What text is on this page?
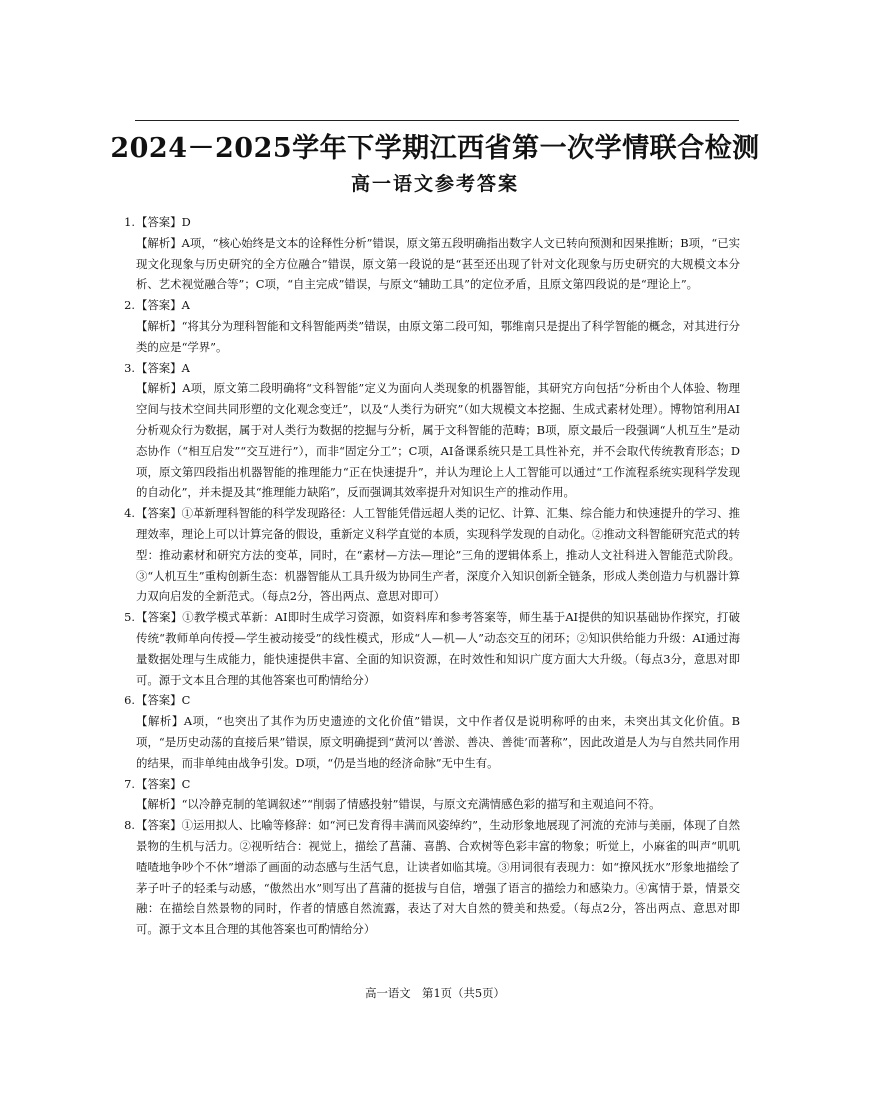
2024－2025学年下学期江西省第一次学情联合检测
高一语文参考答案
1. 【答案】D

【解析】A项，“核心始终是文本的诠释性分析”错误，原文第五段明确指出数字人文已转向预测和因果推断；B项，“已实现文化现象与历史研究的全方位融合”错误，原文第一段说的是“甚至还出现了针对文化现象与历史研究的大规模文本分析、艺术视觉融合等”；C项，“自主完成”错误，与原文“辅助工具”的定位矛盾，且原文第四段说的是“理论上”。

2. 【答案】A

【解析】“将其分为理科智能和文科智能两类”错误，由原文第二段可知，鄂维南只是提出了科学智能的概念，对其进行分类的应是“学界”。

3. 【答案】A

【解析】A项，原文第二段明确将“文科智能”定义为面向人类现象的机器智能，其研究方向包括“分析由个人体验、物理空间与技术空间共同形塑的文化观念变迁”，以及“人类行为研究”（如大规模文本挖掘、生成式素材处理）。博物馆利用AI分析观众行为数据，属于对人类行为数据的挖掘与分析，属于文科智能的范畴；B项，原文最后一段强调“人机互生”是动态协作（“相互启发”“交互进行”），而非“固定分工”；C项，AI备课系统只是工具性补充，并不会取代传统教育形态；D项，原文第四段指出机器智能的推理能力“正在快速提升”，并认为理论上人工智能可以通过“工作流程系统实现科学发现的自动化”，并未提及其“推理能力缺陷”，反而强调其效率提升对知识生产的推动作用。

4. 【答案】①革新理科智能的科学发现路径：人工智能凭借远超人类的记忆、计算、汇集、综合能力和快速提升的学习、推理效率，理论上可以计算完备的假设，重新定义科学直觉的本质，实现科学发现的自动化。②推动文科智能研究范式的转型：推动素材和研究方法的变革，同时，在“素材—方法—理论”三角的逻辑体系上，推动人文社科进入智能范式阶段。③“人机互生”重构创新生态：机器智能从工具升级为协同生产者，深度介入知识创新全链条，形成人类创造力与机器计算力双向启发的全新范式。（每点2分，答出两点、意思对即可）
5. 【答案】①教学模式革新：AI即时生成学习资源，如资料库和参考答案等，师生基于AI提供的知识基础协作探究，打破传统“教师单向传授—学生被动接受”的线性模式，形成“人—机—人”动态交互的闭环；②知识供给能力升级：AI通过海量数据处理与生成能力，能快速提供丰富、全面的知识资源，在时效性和知识广度方面大大升级。（每点3分，意思对即可。源于文本且合理的其他答案也可酌情给分）
6. 【答案】C

【解析】A项，“也突出了其作为历史遗迹的文化价值”错误，文中作者仅是说明称呼的由来，未突出其文化价值。B项，“是历史动荡的直接后果”错误，原文明确提到“黄河以‘善淤、善决、善徙’而著称”，因此改道是人为与自然共同作用的结果，而非单纯由战争引发。D项，“仍是当地的经济命脉”无中生有。

7. 【答案】C

【解析】“以冷静克制的笔调叙述”“削弱了情感投射”错误，与原文充满情感色彩的描写和主观追问不符。

8. 【答案】①运用拟人、比喻等修辞：如“河已发育得丰满而风姿绰约”，生动形象地展现了河流的充沛与美丽，体现了自然景物的生机与活力。②视听结合：视觉上，描绘了菖蒲、喜鹊、合欢树等色彩丰富的物象；听觉上，小麻雀的叫声“叽叽喳喳地争吵个不休”增添了画面的动态感与生活气息，让读者如临其境。③用词很有表现力：如“撩风抚水”形象地描绘了茅子叶子的轻柔与动感，“傲然出水”则写出了菖蒲的挺拔与自信，增强了语言的描绘力和感染力。④寓情于景，情景交融：在描绘自然景物的同时，作者的情感自然流露，表达了对大自然的赞美和热爱。（每点2分，答出两点、意思对即可。源于文本且合理的其他答案也可酌情给分）
高一语文　第1页（共5页）
